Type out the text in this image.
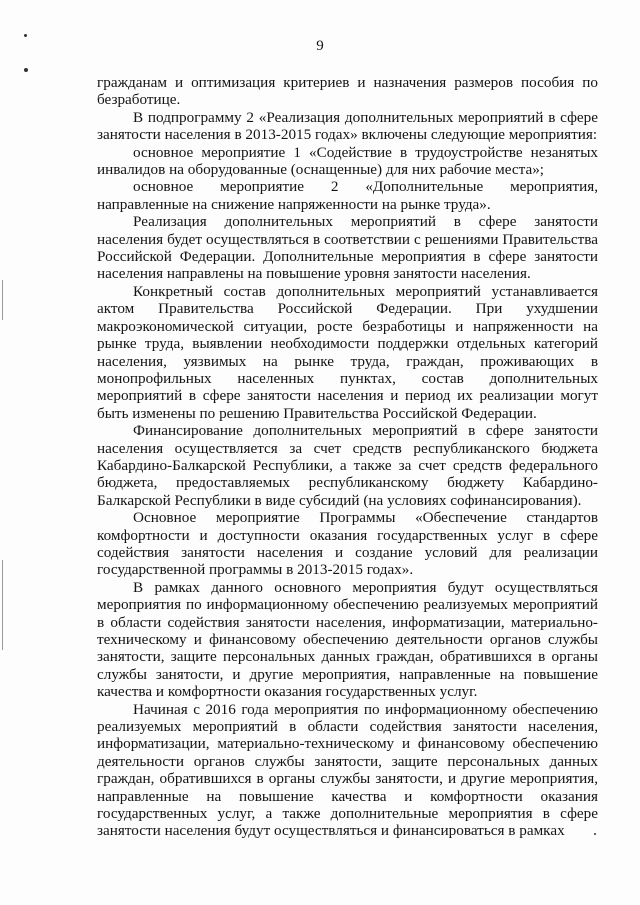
9

гражданам и оптимизация критериев и назначения размеров пособия по безработице.

В подпрограмму 2 «Реализация дополнительных мероприятий в сфере занятости населения в 2013-2015 годах» включены следующие мероприятия:

основное мероприятие 1 «Содействие в трудоустройстве незанятых инвалидов на оборудованные (оснащенные) для них рабочие места»;

основное мероприятие 2 «Дополнительные мероприятия, направленные на снижение напряженности на рынке труда».

Реализация дополнительных мероприятий в сфере занятости населения будет осуществляться в соответствии с решениями Правительства Российской Федерации. Дополнительные мероприятия в сфере занятости населения направлены на повышение уровня занятости населения.

Конкретный состав дополнительных мероприятий устанавливается актом Правительства Российской Федерации. При ухудшении макроэкономической ситуации, росте безработицы и напряженности на рынке труда, выявлении необходимости поддержки отдельных категорий населения, уязвимых на рынке труда, граждан, проживающих в монопрофильных населенных пунктах, состав дополнительных мероприятий в сфере занятости населения и период их реализации могут быть изменены по решению Правительства Российской Федерации.

Финансирование дополнительных мероприятий в сфере занятости населения осуществляется за счет средств республиканского бюджета Кабардино-Балкарской Республики, а также за счет средств федерального бюджета, предоставляемых республиканскому бюджету Кабардино-Балкарской Республики в виде субсидий (на условиях софинансирования).

Основное мероприятие Программы «Обеспечение стандартов комфортности и доступности оказания государственных услуг в сфере содействия занятости населения и создание условий для реализации государственной программы в 2013-2015 годах».

В рамках данного основного мероприятия будут осуществляться мероприятия по информационному обеспечению реализуемых мероприятий в области содействия занятости населения, информатизации, материально-техническому и финансовому обеспечению деятельности органов службы занятости, защите персональных данных граждан, обратившихся в органы службы занятости, и другие мероприятия, направленные на повышение качества и комфортности оказания государственных услуг.

Начиная с 2016 года мероприятия по информационному обеспечению реализуемых мероприятий в области содействия занятости населения, информатизации, материально-техническому и финансовому обеспечению деятельности органов службы занятости, защите персональных данных граждан, обратившихся в органы службы занятости, и другие мероприятия, направленные на повышение качества и комфортности оказания государственных услуг, а также дополнительные мероприятия в сфере занятости населения будут осуществляться и финансироваться в рамках
